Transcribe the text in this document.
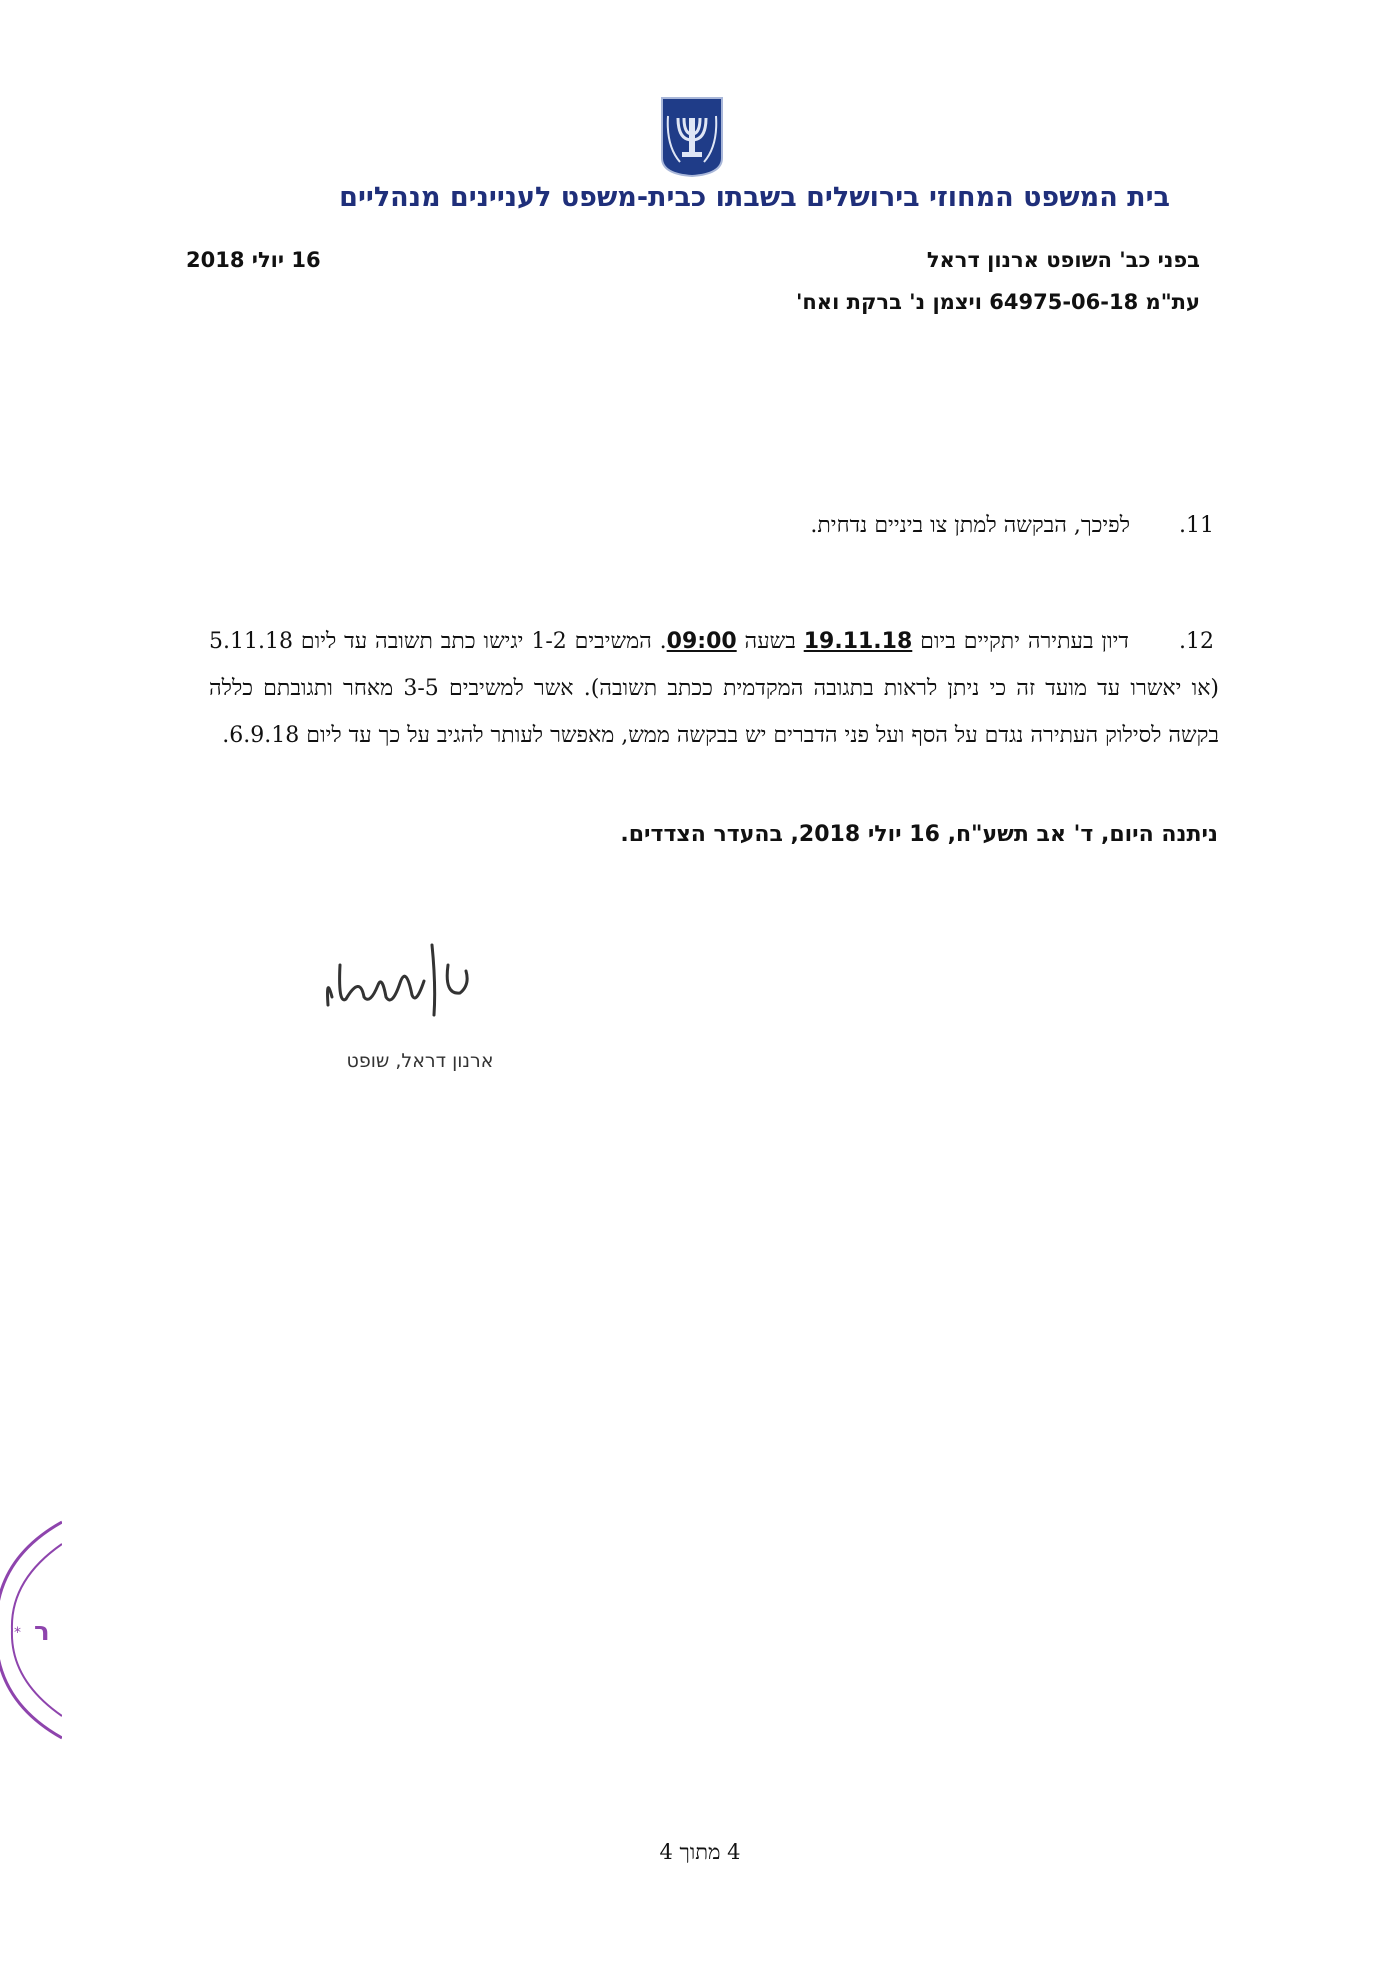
בית המשפט המחוזי בירושלים בשבתו כבית-משפט לעניינים מנהליים
בפני כב' השופט ארנון דראל
16 יולי 2018
עת"מ 64975-06-18 ויצמן נ' ברקת ואח'
.11
לפיכך, הבקשה למתן צו ביניים נדחית.
.12
דיון בעתירה יתקיים ביום 19.11.18 בשעה 09:00. המשיבים 1-2 יגישו כתב תשובה עד ליום 5.11.18 (או יאשרו עד מועד זה כי ניתן לראות בתגובה המקדמית ככתב תשובה). אשר למשיבים 3-5 מאחר ותגובתם כללה בקשה לסילוק העתירה נגדם על הסף ועל פני הדברים יש בבקשה ממש, מאפשר לעותר להגיב על כך עד ליום 6.9.18.
ניתנה היום, ד' אב תשע"ח, 16 יולי 2018, בהעדר הצדדים.
ארנון דראל, שופט
* ר
4 מתוך 4
